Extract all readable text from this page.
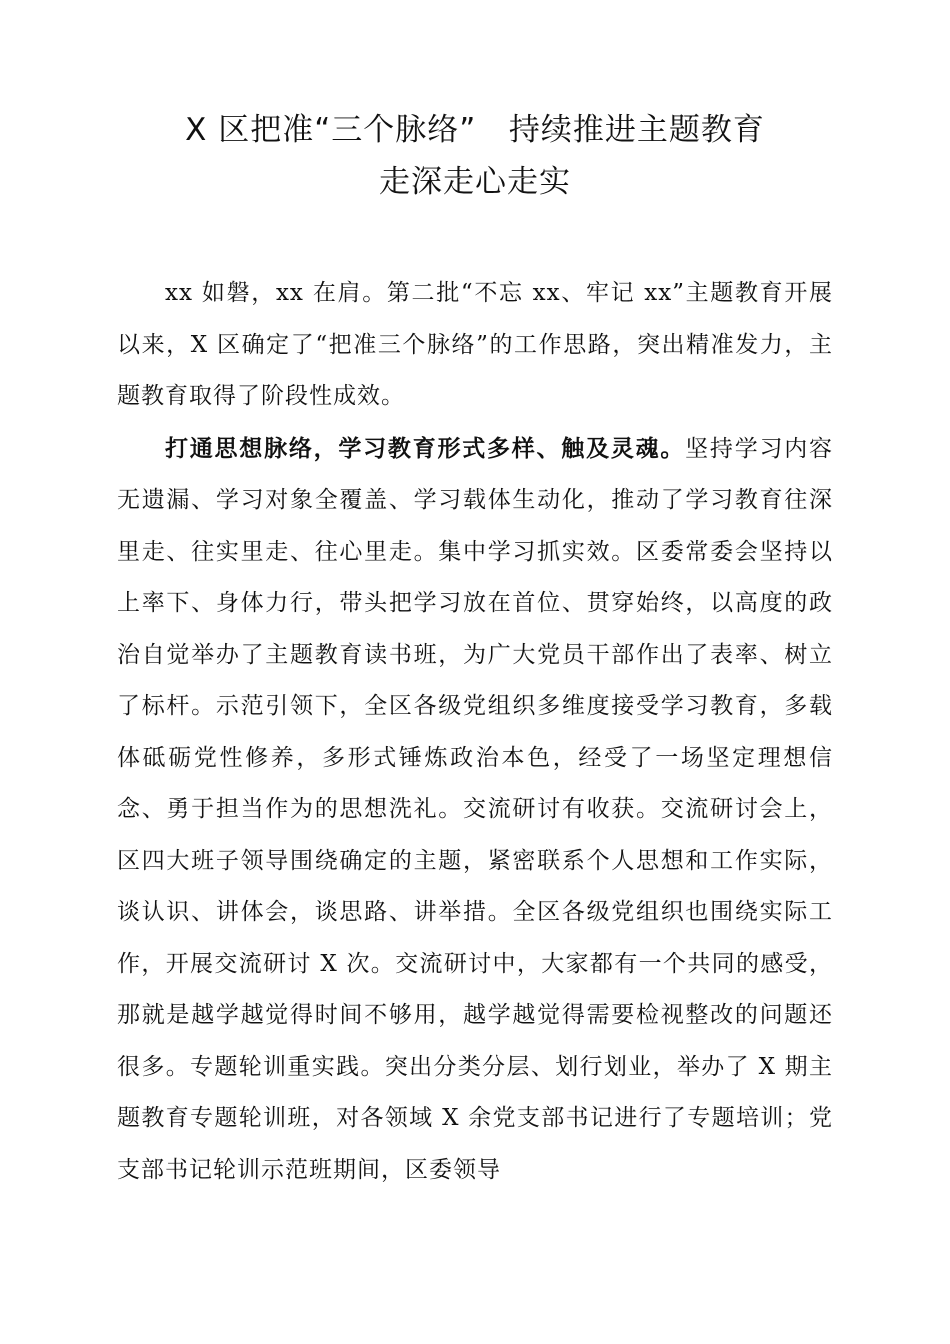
X 区把准“三个脉络”   持续推进主题教育
走深走心走实

xx 如磐，xx 在肩。第二批“不忘 xx、牢记 xx”主题教育开展以来，X 区确定了“把准三个脉络”的工作思路，突出精准发力，主题教育取得了阶段性成效。

打通思想脉络，学习教育形式多样、触及灵魂。坚持学习内容无遗漏、学习对象全覆盖、学习载体生动化，推动了学习教育往深里走、往实里走、往心里走。集中学习抓实效。区委常委会坚持以上率下、身体力行，带头把学习放在首位、贯穿始终，以高度的政治自觉举办了主题教育读书班，为广大党员干部作出了表率、树立了标杆。示范引领下，全区各级党组织多维度接受学习教育，多载体砥砺党性修养，多形式锤炼政治本色，经受了一场坚定理想信念、勇于担当作为的思想洗礼。交流研讨有收获。交流研讨会上，区四大班子领导围绕确定的主题，紧密联系个人思想和工作实际，谈认识、讲体会，谈思路、讲举措。全区各级党组织也围绕实际工作，开展交流研讨 X 次。交流研讨中，大家都有一个共同的感受，那就是越学越觉得时间不够用，越学越觉得需要检视整改的问题还很多。专题轮训重实践。突出分类分层、划行划业，举办了 X 期主题教育专题轮训班，对各领域 X 余党支部书记进行了专题培训；党支部书记轮训示范班期间，区委领导
